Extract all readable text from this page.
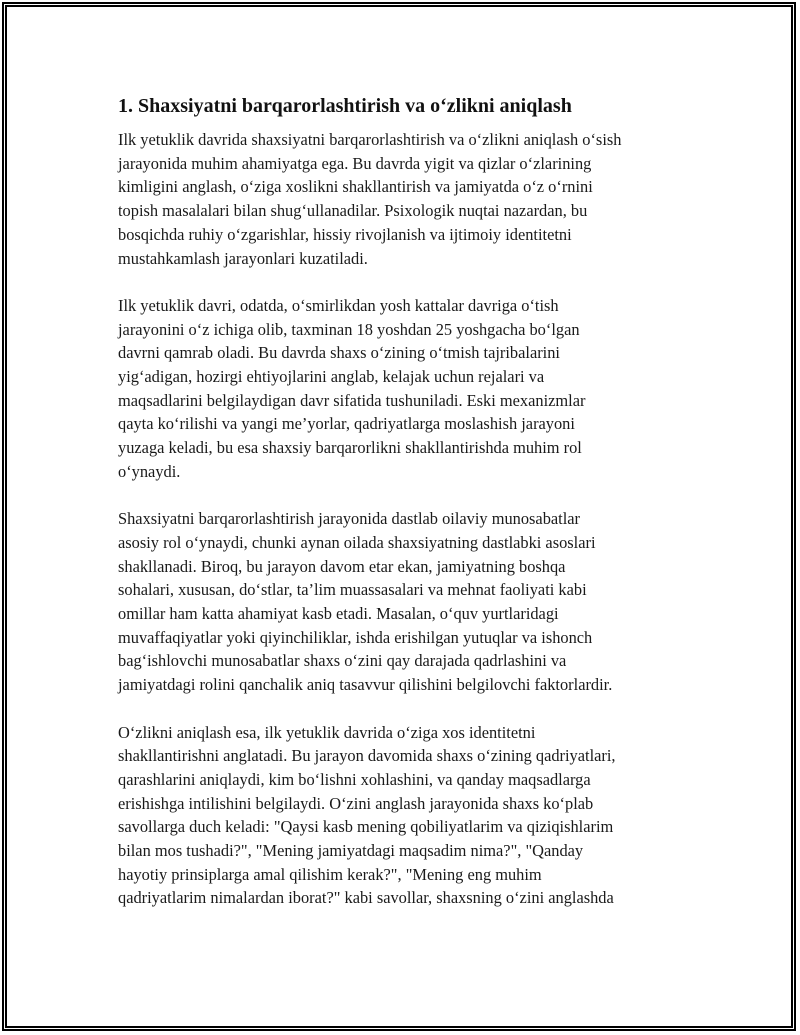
1. Shaxsiyatni barqarorlashtirish va o‘zlikni aniqlash

Ilk yetuklik davrida shaxsiyatni barqarorlashtirish va o‘zlikni aniqlash o‘sish
jarayonida muhim ahamiyatga ega. Bu davrda yigit va qizlar o‘zlarining
kimligini anglash, o‘ziga xoslikni shakllantirish va jamiyatda o‘z o‘rnini
topish masalalari bilan shug‘ullanadilar. Psixologik nuqtai nazardan, bu
bosqichda ruhiy o‘zgarishlar, hissiy rivojlanish va ijtimoiy identitetni
mustahkamlash jarayonlari kuzatiladi.

Ilk yetuklik davri, odatda, o‘smirlikdan yosh kattalar davriga o‘tish
jarayonini o‘z ichiga olib, taxminan 18 yoshdan 25 yoshgacha bo‘lgan
davrni qamrab oladi. Bu davrda shaxs o‘zining o‘tmish tajribalarini
yig‘adigan, hozirgi ehtiyojlarini anglab, kelajak uchun rejalari va
maqsadlarini belgilaydigan davr sifatida tushuniladi. Eski mexanizmlar
qayta ko‘rilishi va yangi me’yorlar, qadriyatlarga moslashish jarayoni
yuzaga keladi, bu esa shaxsiy barqarorlikni shakllantirishda muhim rol
o‘ynaydi.

Shaxsiyatni barqarorlashtirish jarayonida dastlab oilaviy munosabatlar
asosiy rol o‘ynaydi, chunki aynan oilada shaxsiyatning dastlabki asoslari
shakllanadi. Biroq, bu jarayon davom etar ekan, jamiyatning boshqa
sohalari, xususan, do‘stlar, ta’lim muassasalari va mehnat faoliyati kabi
omillar ham katta ahamiyat kasb etadi. Masalan, o‘quv yurtlaridagi
muvaffaqiyatlar yoki qiyinchiliklar, ishda erishilgan yutuqlar va ishonch
bag‘ishlovchi munosabatlar shaxs o‘zini qay darajada qadrlashini va
jamiyatdagi rolini qanchalik aniq tasavvur qilishini belgilovchi faktorlardir.

O‘zlikni aniqlash esa, ilk yetuklik davrida o‘ziga xos identitetni
shakllantirishni anglatadi. Bu jarayon davomida shaxs o‘zining qadriyatlari,
qarashlarini aniqlaydi, kim bo‘lishni xohlashini, va qanday maqsadlarga
erishishga intilishini belgilaydi. O‘zini anglash jarayonida shaxs ko‘plab
savollarga duch keladi: "Qaysi kasb mening qobiliyatlarim va qiziqishlarim
bilan mos tushadi?", "Mening jamiyatdagi maqsadim nima?", "Qanday
hayotiy prinsiplarga amal qilishim kerak?", "Mening eng muhim
qadriyatlarim nimalardan iborat?" kabi savollar, shaxsning o‘zini anglashda
